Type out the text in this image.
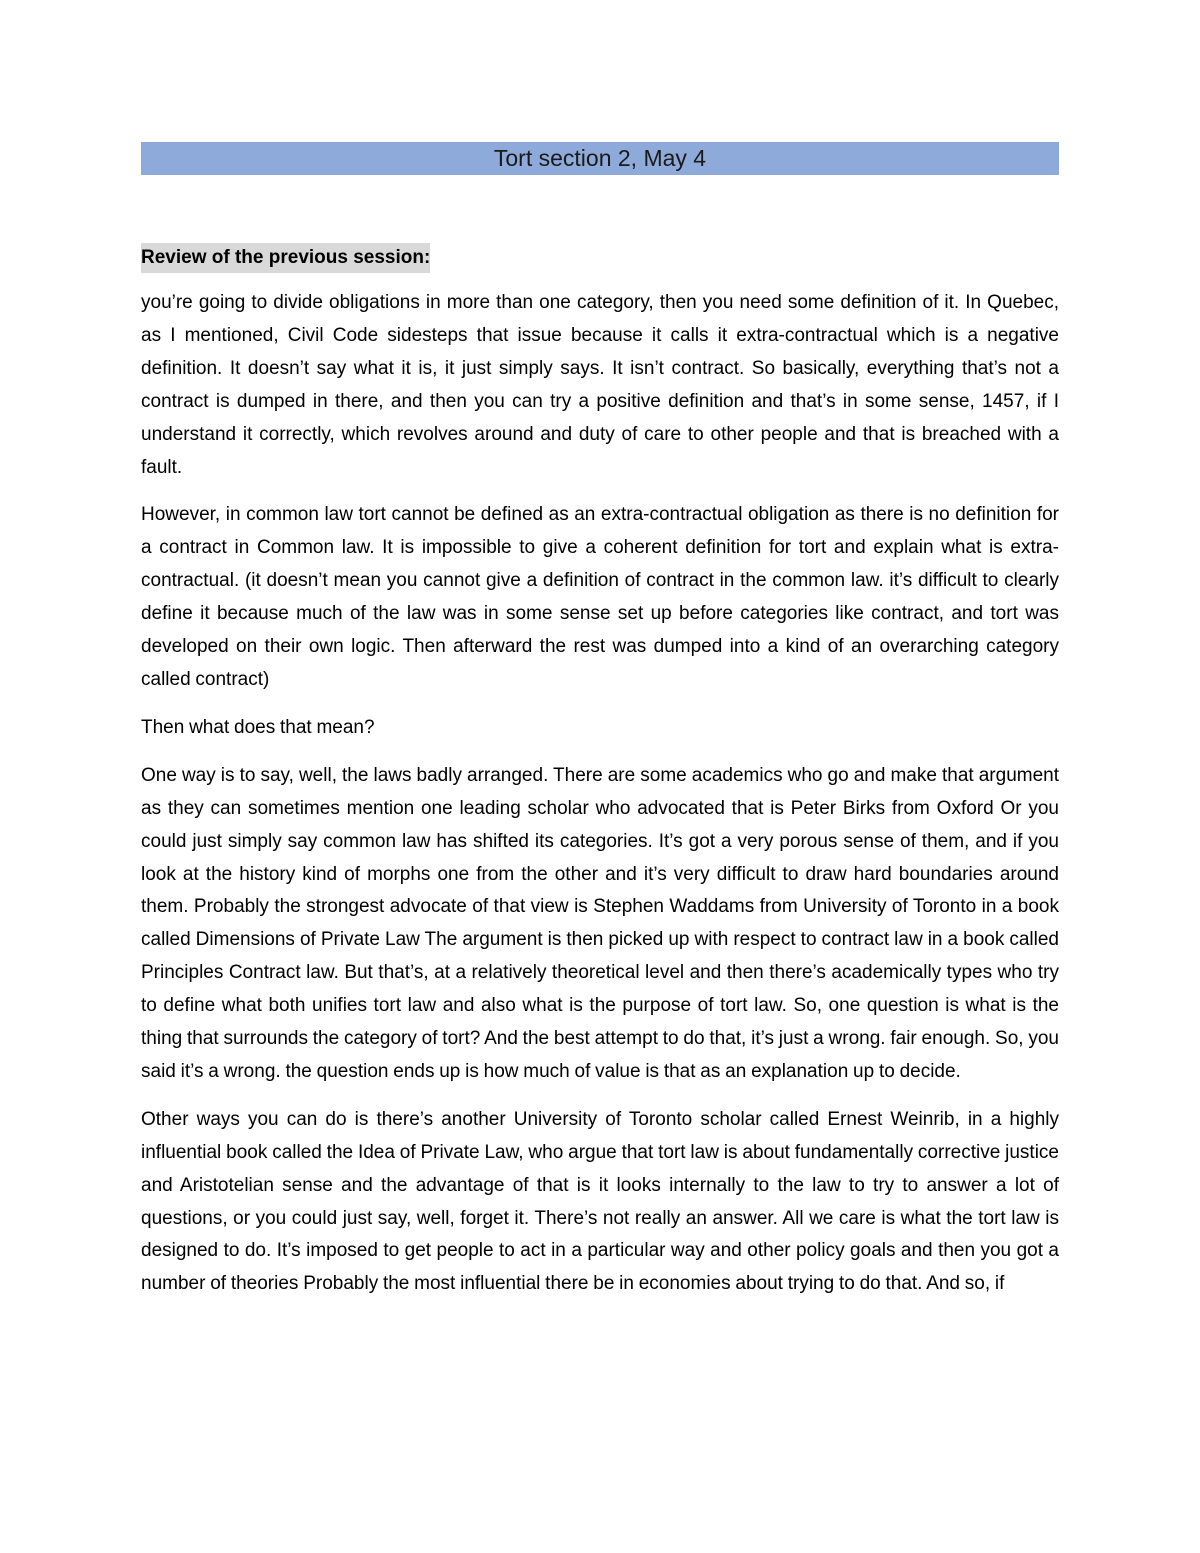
Tort section 2, May 4
Review of the previous session:

you’re going to divide obligations in more than one category, then you need some definition of it. In Quebec, as I mentioned, Civil Code sidesteps that issue because it calls it extra-contractual which is a negative definition. It doesn’t say what it is, it just simply says. It isn’t contract. So basically, everything that’s not a contract is dumped in there, and then you can try a positive definition and that’s in some sense, 1457, if I understand it correctly, which revolves around and duty of care to other people and that is breached with a fault.

However, in common law tort cannot be defined as an extra-contractual obligation as there is no definition for a contract in Common law. It is impossible to give a coherent definition for tort and explain what is extra-contractual. (it doesn’t mean you cannot give a definition of contract in the common law. it’s difficult to clearly define it because much of the law was in some sense set up before categories like contract, and tort was developed on their own logic. Then afterward the rest was dumped into a kind of an overarching category called contract)

Then what does that mean?

One way is to say, well, the laws badly arranged. There are some academics who go and make that argument as they can sometimes mention one leading scholar who advocated that is Peter Birks from Oxford Or you could just simply say common law has shifted its categories. It’s got a very porous sense of them, and if you look at the history kind of morphs one from the other and it’s very difficult to draw hard boundaries around them. Probably the strongest advocate of that view is Stephen Waddams from University of Toronto in a book called Dimensions of Private Law The argument is then picked up with respect to contract law in a book called Principles Contract law. But that’s, at a relatively theoretical level and then there’s academically types who try to define what both unifies tort law and also what is the purpose of tort law. So, one question is what is the thing that surrounds the category of tort? And the best attempt to do that, it’s just a wrong. fair enough. So, you said it’s a wrong. the question ends up is how much of value is that as an explanation up to decide.

Other ways you can do is there’s another University of Toronto scholar called Ernest Weinrib, in a highly influential book called the Idea of Private Law, who argue that tort law is about fundamentally corrective justice and Aristotelian sense and the advantage of that is it looks internally to the law to try to answer a lot of questions, or you could just say, well, forget it. There’s not really an answer. All we care is what the tort law is designed to do. It’s imposed to get people to act in a particular way and other policy goals and then you got a number of theories Probably the most influential there be in economies about trying to do that. And so, if
